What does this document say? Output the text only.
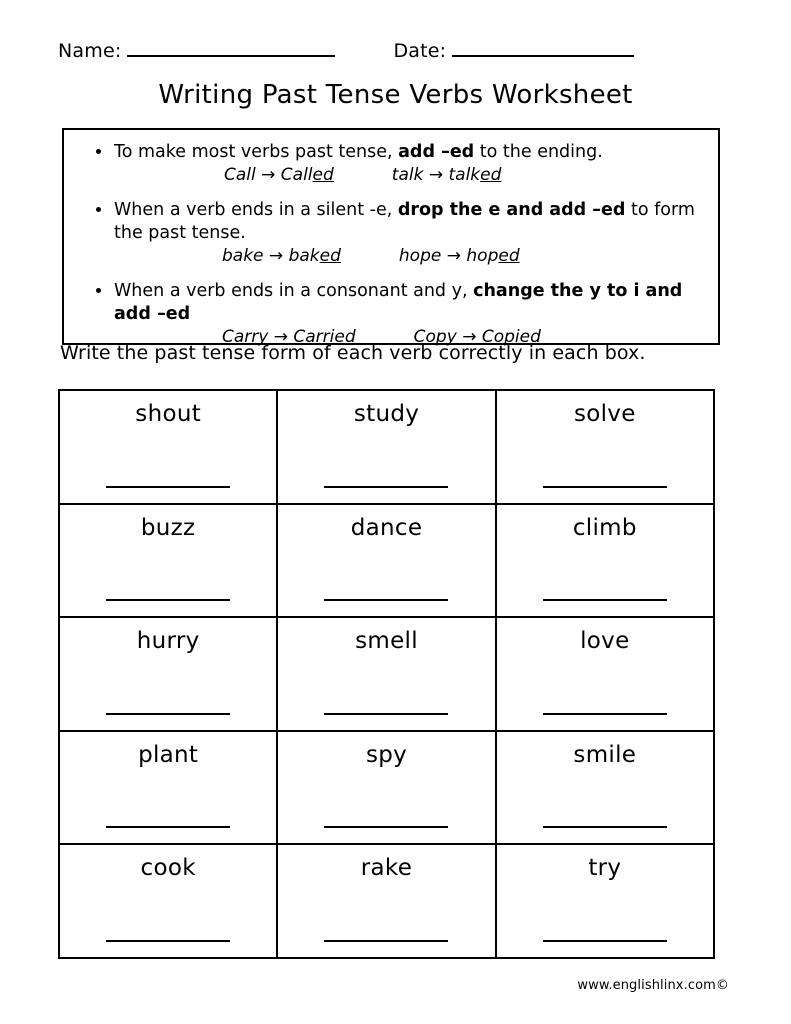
Name:	Date:
Writing Past Tense Verbs Worksheet
To make most verbs past tense, add –ed to the ending.
Call → Called	talk → talked
When a verb ends in a silent -e, drop the e and add –ed to form the past tense.
bake → baked	hope → hoped
When a verb ends in a consonant and y, change the y to i and add –ed
Carry → Carried	Copy → Copied
Write the past tense form of each verb correctly in each box.
shout	study	solve
buzz	dance	climb
hurry	smell	love
plant	spy	smile
cook	rake	try
www.englishlinx.com©
